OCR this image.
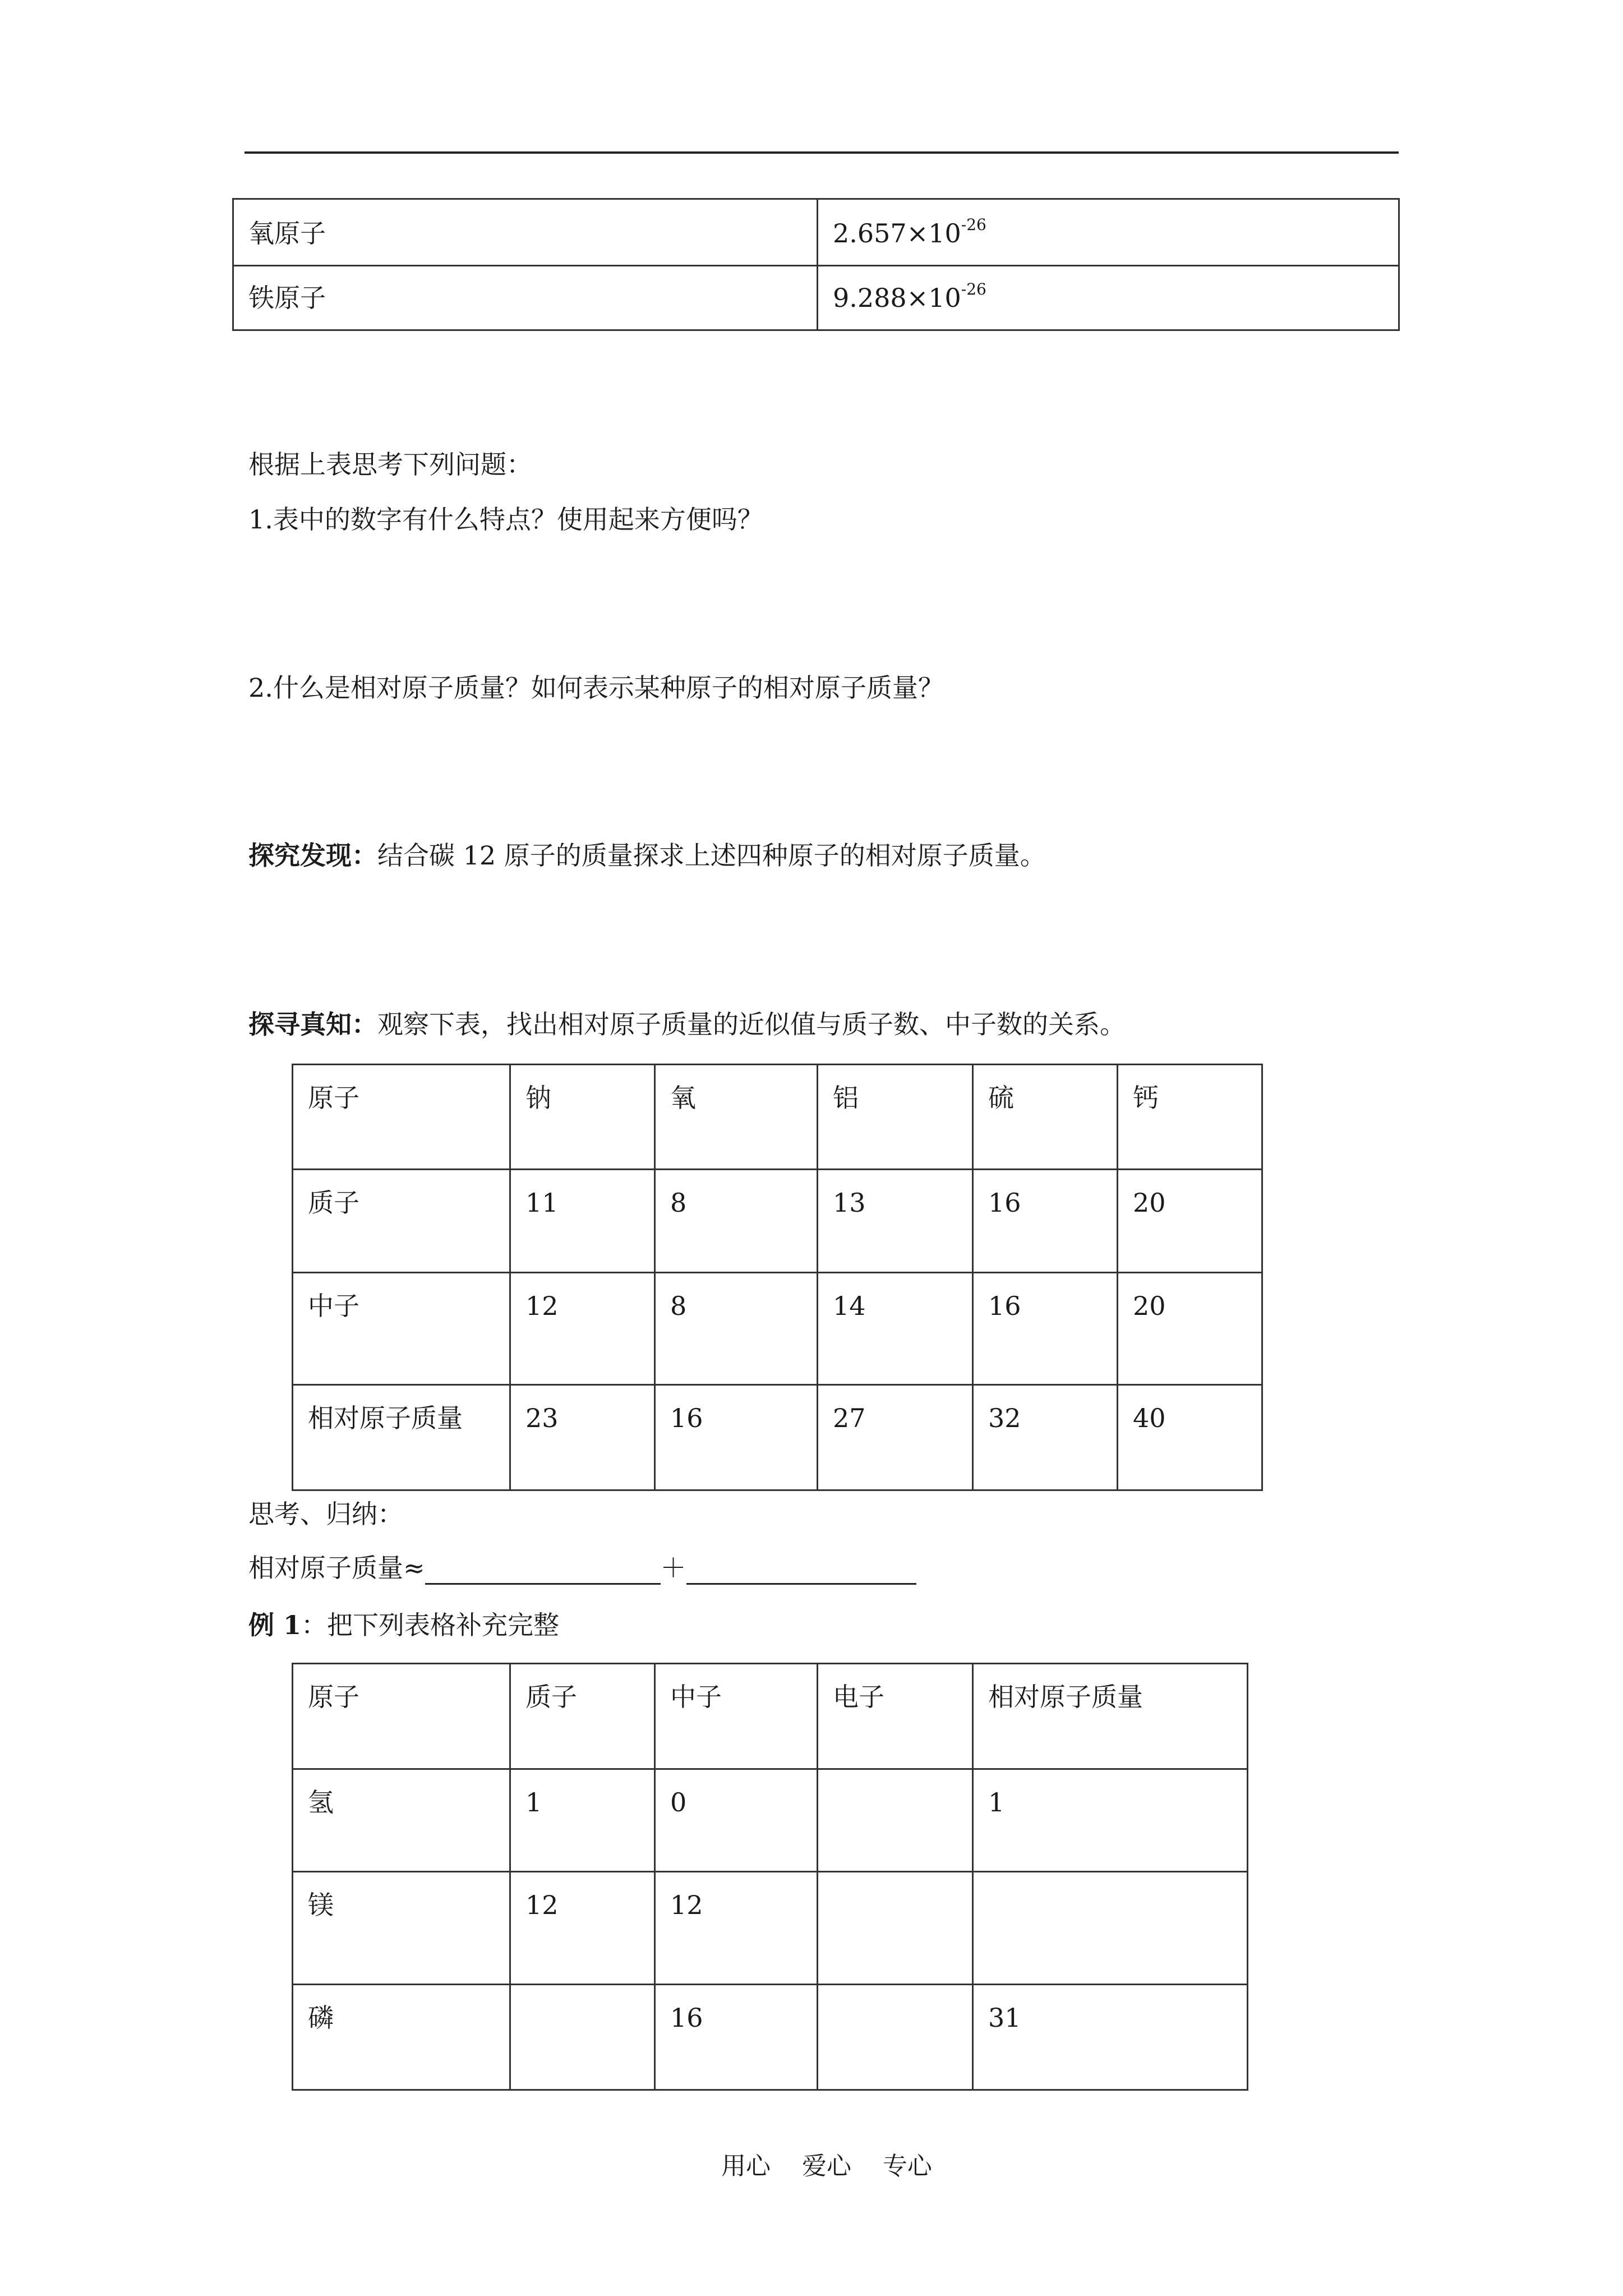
氧原子	$2.657\times 10^{-26}$
铁原子	$9.288\times 10^{-26}$
根据上表思考下列问题：
1.表中的数字有什么特点？使用起来方便吗？
2.什么是相对原子质量？如何表示某种原子的相对原子质量？
探究发现：结合碳 12 原子的质量探求上述四种原子的相对原子质量。
探寻真知：观察下表，找出相对原子质量的近似值与质子数、中子数的关系。
原子	钠	氧	铝	硫	钙
质子	11	8	13	16	20
中子	12	8	14	16	20
相对原子质量	23	16	27	32	40
思考、归纳：
相对原子质量≈	＋
例 1：把下列表格补充完整
原子	质子	中子	电子	相对原子质量
氢	1	0		1
镁	12	12		
磷		16		31
用心    爱心    专心
